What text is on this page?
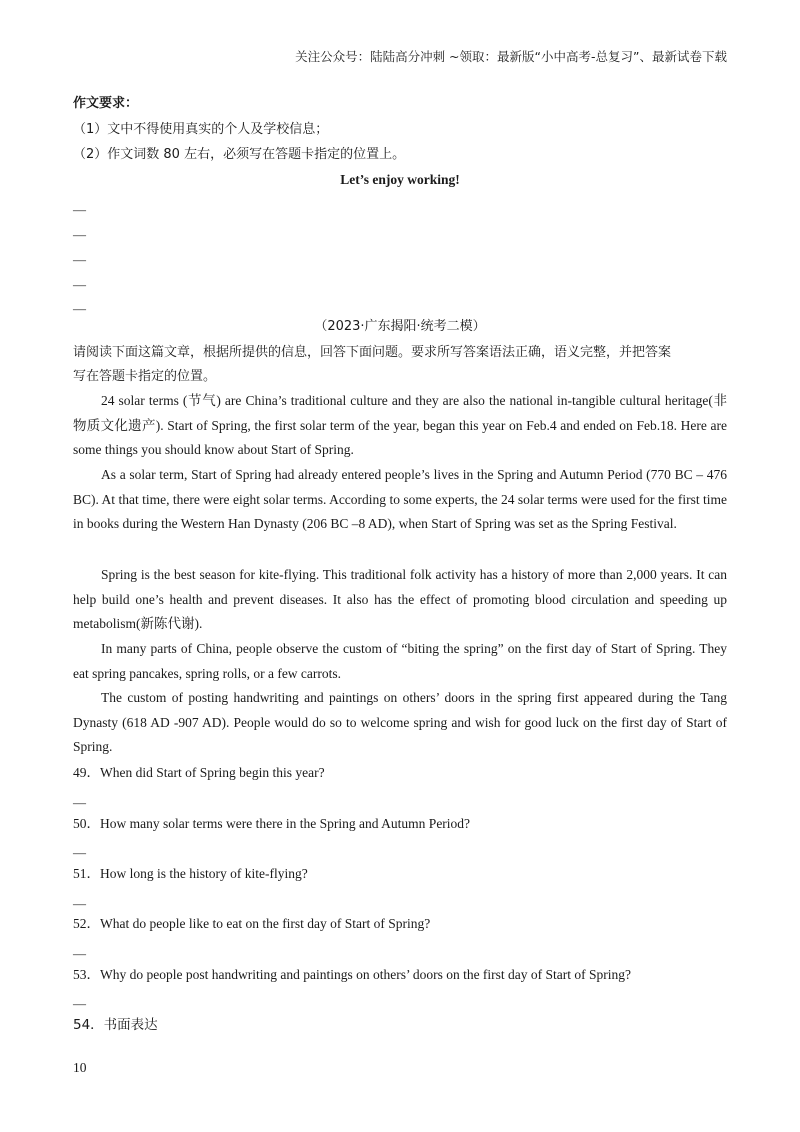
关注公众号：陆陆高分冲刺 ~领取：最新版“小中高考-总复习”、最新试卷下载
作文要求：
（1）文中不得使用真实的个人及学校信息；
（2）作文词数 80 左右，必须写在答题卡指定的位置上。
Let’s enjoy working!
—
—
—
—
—
（2023·广东揭阳·统考二模）
请阅读下面这篇文章，根据所提供的信息，回答下面问题。要求所写答案语法正确，语义完整，并把答案
写在答题卡指定的位置。
24 solar terms (节气) are China’s traditional culture and they are also the national in-tangible cultural heritage(非物质文化遗产). Start of Spring, the first solar term of the year, began this year on Feb.4 and ended on Feb.18. Here are some things you should know about Start of Spring.
As a solar term, Start of Spring had already entered people’s lives in the Spring and Autumn Period (770 BC – 476 BC). At that time, there were eight solar terms. According to some experts, the 24 solar terms were used for the first time in books during the Western Han Dynasty (206 BC –8 AD), when Start of Spring was set as the Spring Festival.
Spring is the best season for kite-flying. This traditional folk activity has a history of more than 2,000 years. It can help build one’s health and prevent diseases. It also has the effect of promoting blood circulation and speeding up metabolism(新陈代谢).
In many parts of China, people observe the custom of “biting the spring” on the first day of Start of Spring. They eat spring pancakes, spring rolls, or a few carrots.
The custom of posting handwriting and paintings on others’ doors in the spring first appeared during the Tang Dynasty (618 AD -907 AD). People would do so to welcome spring and wish for good luck on the first day of Start of Spring.
49．When did Start of Spring begin this year?
—
50．How many solar terms were there in the Spring and Autumn Period?
—
51．How long is the history of kite-flying?
—
52．What do people like to eat on the first day of Start of Spring?
—
53．Why do people post handwriting and paintings on others’ doors on the first day of Start of Spring?
—
54．书面表达
10
